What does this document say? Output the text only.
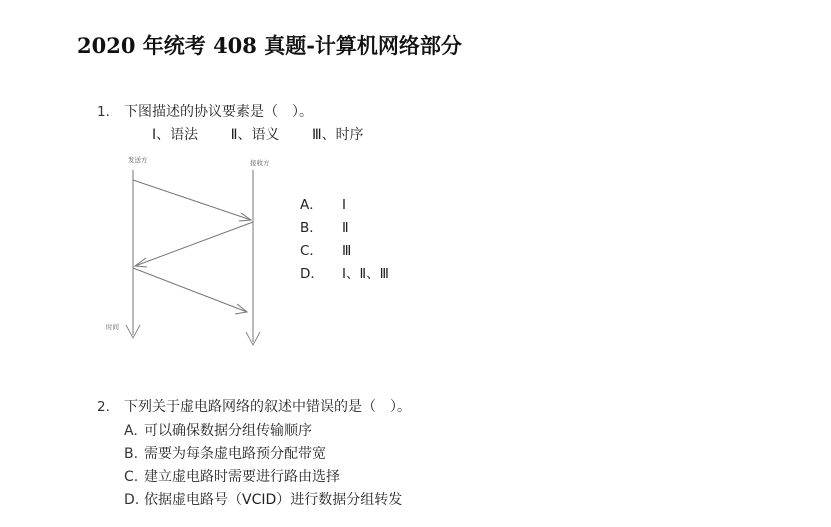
2020 年统考 408 真题-计算机网络部分
1. 下图描述的协议要素是（　）。
Ⅰ、语法 Ⅱ、语义 Ⅲ、时序
发送方	接收方
时间
A． Ⅰ
B． Ⅱ
C． Ⅲ
D． Ⅰ、Ⅱ、Ⅲ
2. 下列关于虚电路网络的叙述中错误的是（　）。
A. 可以确保数据分组传输顺序
B. 需要为每条虚电路预分配带宽
C. 建立虚电路时需要进行路由选择
D. 依据虚电路号（VCID）进行数据分组转发
